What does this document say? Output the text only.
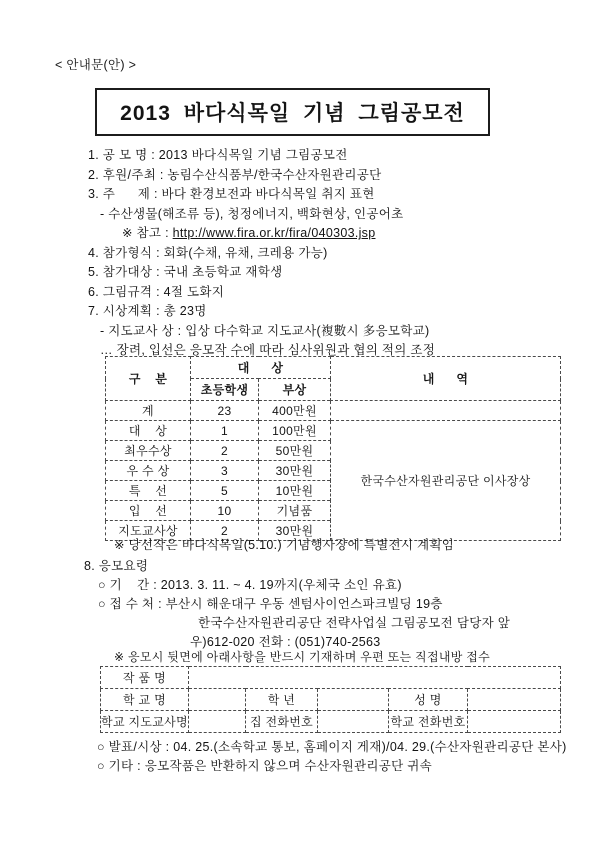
< 안내문(안) >
2013 바다식목일 기념 그림공모전
1. 공 모 명 : 2013 바다식목일 기념 그림공모전
2. 후원/주최 : 농림수산식품부/한국수산자원관리공단
3. 주      제 : 바다 환경보전과 바다식목일 취지 표현
- 수산생물(해조류 등), 청정에너지, 백화현상, 인공어초
※ 참고 : http://www.fira.or.kr/fira/040303.jsp
4. 참가형식 : 회화(수채, 유채, 크레용 가능)
5. 참가대상 : 국내 초등학교 재학생
6. 그림규격 : 4절 도화지
7. 시상계획 : 총 23명
- 지도교사 상 : 입상 다수학교 지도교사(複數시 多응모학교)
… 장려, 입선은 응모작 수에 따라 심사위원과 협의 적의 조정
구    분	대      상		내      역
	초등학생	부상	
계	23	400만원	
대    상	1	100만원	한국수산자원관리공단 이사장상
최우수상	2	50만원	
우 수 상	3	30만원	
특    선	5	10만원	
입    선	10	기념품	
지도교사상	2	30만원	
※ 당선작은 바다식목일(5.10.) 기념행사장에 특별전시 계획임
8. 응모요령
○ 기    간 : 2013. 3. 11. ~ 4. 19까지(우체국 소인 유효)
○ 접 수 처 : 부산시 해운대구 우동 센텀사이언스파크빌딩 19층
한국수산자원관리공단 전략사업실 그림공모전 담당자 앞
우)612-020 전화 : (051)740-2563
※ 응모시 뒷면에 아래사항을 반드시 기재하며 우편 또는 직접내방 접수
작 품 명					
학 교 명		학 년		성 명	
학교 지도교사명		집 전화번호		학교 전화번호	
○ 발표/시상 : 04. 25.(소속학교 통보, 홈페이지 게재)/04. 29.(수산자원관리공단 본사)
○ 기타 : 응모작품은 반환하지 않으며 수산자원관리공단 귀속
